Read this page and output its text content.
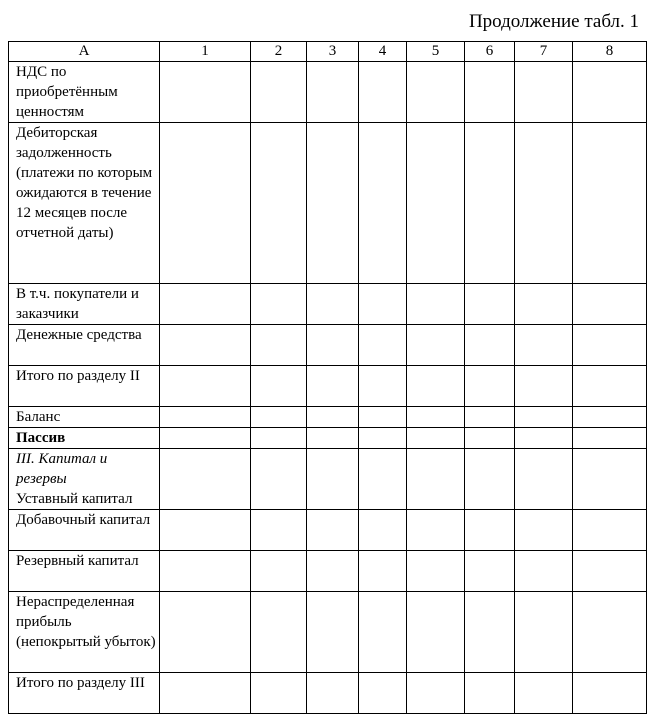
Продолжение табл. 1
А	1	2	3	4	5	6	7	8

НДС по приобретённым ценностям								

Дебиторская задолженность (платежи по которым ожидаются в течение 12 месяцев после отчетной даты)								

В т.ч. покупатели и заказчики								

Денежные средства								

Итого по разделу II								

Баланс								

Пассив								

III. Капитал и резервы
Уставный капитал								

Добавочный капитал								

Резервный капитал								

Нераспределенная прибыль (непокрытый убыток)								

Итого по разделу III								
